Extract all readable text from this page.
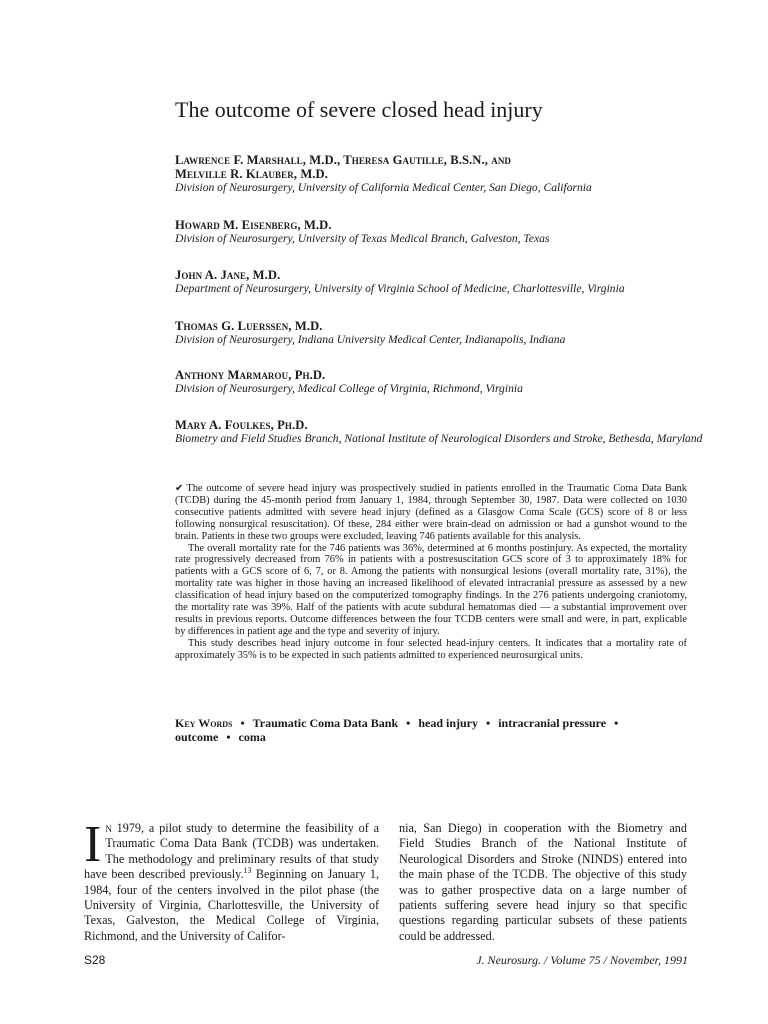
The outcome of severe closed head injury
Lawrence F. Marshall, M.D., Theresa Gautille, B.S.N., and
Melville R. Klauber, M.D.
Division of Neurosurgery, University of California Medical Center, San Diego, California
Howard M. Eisenberg, M.D.
Division of Neurosurgery, University of Texas Medical Branch, Galveston, Texas
John A. Jane, M.D.
Department of Neurosurgery, University of Virginia School of Medicine, Charlottesville, Virginia
Thomas G. Luerssen, M.D.
Division of Neurosurgery, Indiana University Medical Center, Indianapolis, Indiana
Anthony Marmarou, Ph.D.
Division of Neurosurgery, Medical College of Virginia, Richmond, Virginia
Mary A. Foulkes, Ph.D.
Biometry and Field Studies Branch, National Institute of Neurological Disorders and Stroke, Bethesda, Maryland

✔ The outcome of severe head injury was prospectively studied in patients enrolled in the Traumatic Coma Data Bank (TCDB) during the 45-month period from January 1, 1984, through September 30, 1987. Data were collected on 1030 consecutive patients admitted with severe head injury (defined as a Glasgow Coma Scale (GCS) score of 8 or less following nonsurgical resuscitation). Of these, 284 either were brain-dead on admission or had a gunshot wound to the brain. Patients in these two groups were excluded, leaving 746 patients available for this analysis.

The overall mortality rate for the 746 patients was 36%, determined at 6 months postinjury. As expected, the mortality rate progressively decreased from 76% in patients with a postresuscitation GCS score of 3 to approximately 18% for patients with a GCS score of 6, 7, or 8. Among the patients with nonsurgical lesions (overall mortality rate, 31%), the mortality rate was higher in those having an increased likelihood of elevated intracranial pressure as assessed by a new classification of head injury based on the computerized tomography findings. In the 276 patients undergoing craniotomy, the mortality rate was 39%. Half of the patients with acute subdural hematomas died — a substantial improvement over results in previous reports. Outcome differences between the four TCDB centers were small and were, in part, explicable by differences in patient age and the type and severity of injury.

This study describes head injury outcome in four selected head-injury centers. It indicates that a mortality rate of approximately 35% is to be expected in such patients admitted to experienced neurosurgical units.

Key Words • Traumatic Coma Data Bank • head injury • intracranial pressure •
outcome • coma

In 1979, a pilot study to determine the feasibility of a Traumatic Coma Data Bank (TCDB) was undertaken. The methodology and preliminary results of that study have been described previously.$^{13}$ Beginning on January 1, 1984, four of the centers involved in the pilot phase (the University of Virginia, Charlottesville, the University of Texas, Galveston, the Medical College of Virginia, Richmond, and the University of Califor-

nia, San Diego) in cooperation with the Biometry and Field Studies Branch of the National Institute of Neurological Disorders and Stroke (NINDS) entered into the main phase of the TCDB. The objective of this study was to gather prospective data on a large number of patients suffering severe head injury so that specific questions regarding particular subsets of these patients could be addressed.

S28	J. Neurosurg. / Volume 75 / November, 1991
